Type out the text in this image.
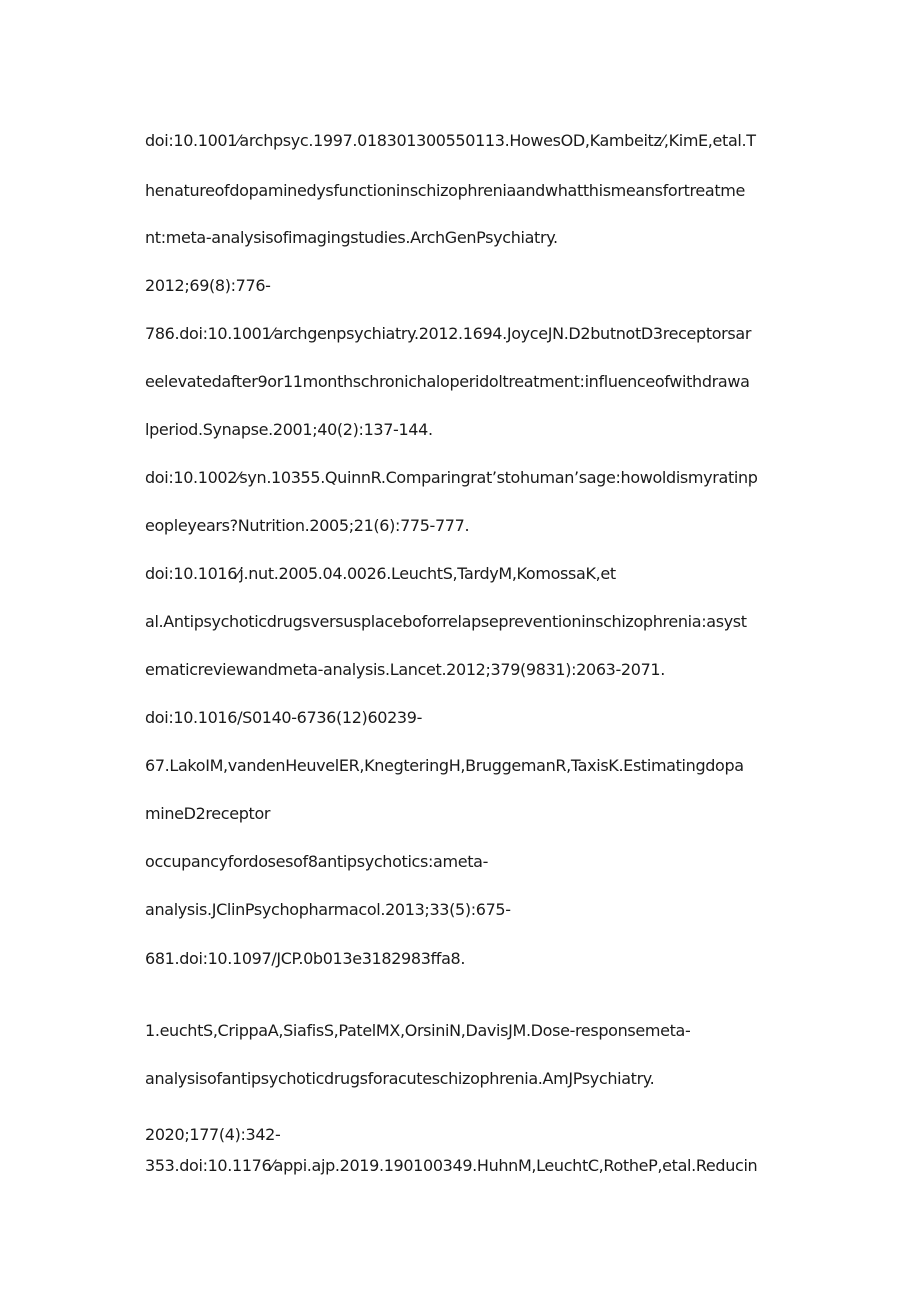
doi:10.1001⁄archpsyc.1997.018301300550113.HowesOD,Kambeitz⁄,KimE,etal.T
henatureofdopaminedysfunctioninschizophreniaandwhatthismeansfortreatme
nt:meta-analysisofimagingstudies.ArchGenPsychiatry.
2012;69(8):776-
786.doi:10.1001⁄archgenpsychiatry.2012.1694.JoyceJN.D2butnotD3receptorsar
eelevatedafter9or11monthschronichaloperidoltreatment:influenceofwithdrawa
lperiod.Synapse.2001;40(2):137-144.
doi:10.1002⁄syn.10355.QuinnR.Comparingrat’stohuman’sage:howoldismyratinp
eopleyears?Nutrition.2005;21(6):775-777.
doi:10.1016⁄j.nut.2005.04.0026.LeuchtS,TardyM,KomossaK,et
al.Antipsychoticdrugsversusplaceboforrelapsepreventioninschizophrenia:asyst
ematicreviewandmeta-analysis.Lancet.2012;379(9831):2063-2071.
doi:10.1016/S0140-6736(12)60239-
67.LakoIM,vandenHeuvelER,KnegteringH,BruggemanR,TaxisK.Estimatingdopa
mineD2receptor
occupancyfordosesof8antipsychotics:ameta-
analysis.JClinPsychopharmacol.2013;33(5):675-
681.doi:10.1097/JCP.0b013e3182983ffa8.
1.euchtS,CrippaA,SiafisS,PatelMX,OrsiniN,DavisJM.Dose-responsemeta-
analysisofantipsychoticdrugsforacuteschizophrenia.AmJPsychiatry.
2020;177(4):342-
353.doi:10.1176⁄appi.ajp.2019.190100349.HuhnM,LeuchtC,RotheP,etal.Reducin
